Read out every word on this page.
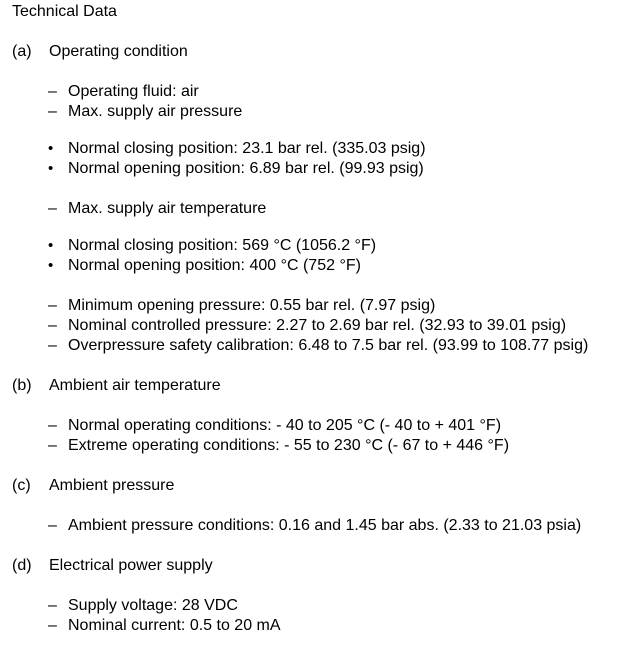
Technical Data
(a) Operating condition
– Operating fluid: air
– Max. supply air pressure
• Normal closing position: 23.1 bar rel. (335.03 psig)
• Normal opening position: 6.89 bar rel. (99.93 psig)
– Max. supply air temperature
• Normal closing position: 569 °C (1056.2 °F)
• Normal opening position: 400 °C (752 °F)
– Minimum opening pressure: 0.55 bar rel. (7.97 psig)
– Nominal controlled pressure: 2.27 to 2.69 bar rel. (32.93 to 39.01 psig)
– Overpressure safety calibration: 6.48 to 7.5 bar rel. (93.99 to 108.77 psig)
(b) Ambient air temperature
– Normal operating conditions: - 40 to 205 °C (- 40 to + 401 °F)
– Extreme operating conditions: - 55 to 230 °C (- 67 to + 446 °F)
(c) Ambient pressure
– Ambient pressure conditions: 0.16 and 1.45 bar abs. (2.33 to 21.03 psia)
(d) Electrical power supply
– Supply voltage: 28 VDC
– Nominal current: 0.5 to 20 mA
